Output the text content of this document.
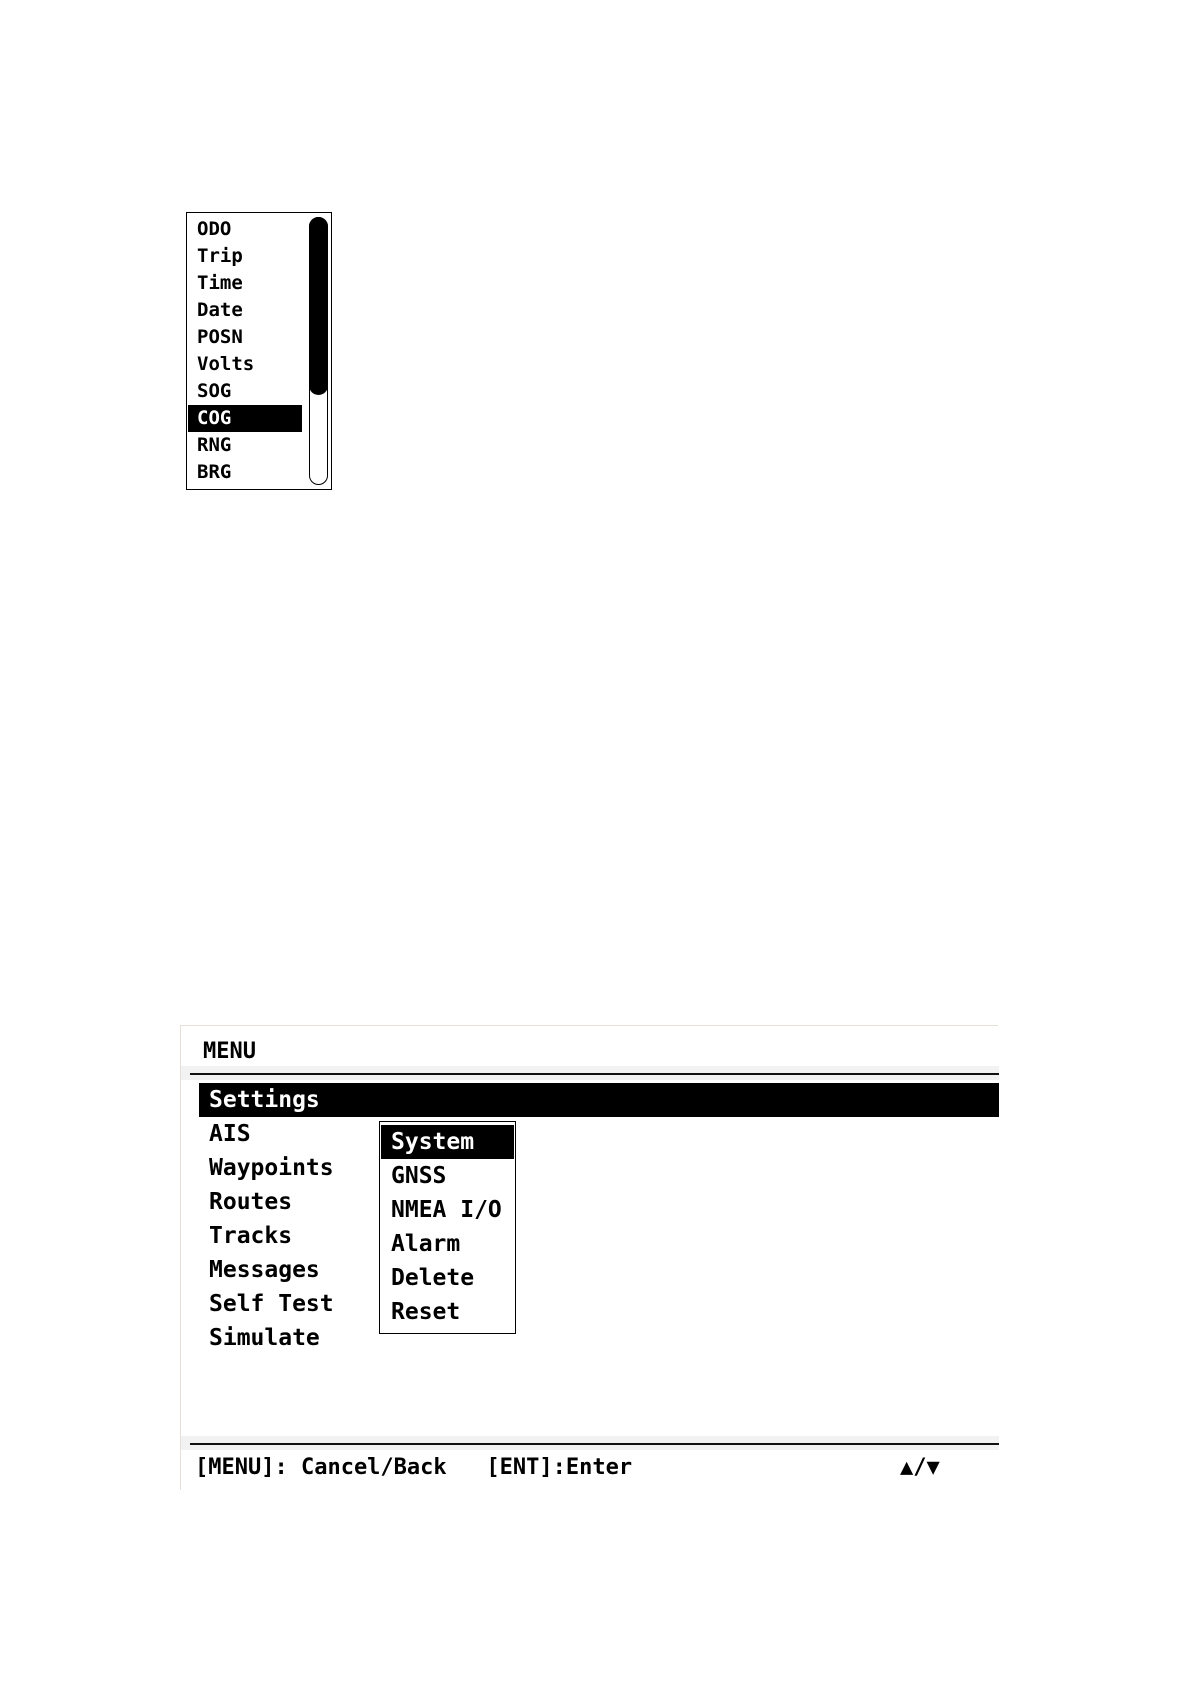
ODO
Trip
Time
Date
POSN
Volts
SOG
COG
RNG
BRG
MENU
Settings
AIS
Waypoints
Routes
Tracks
Messages
Self Test
Simulate
System
GNSS
NMEA I/O
Alarm
Delete
Reset
[MENU]: Cancel/Back   [ENT]:Enter	▲/▼
